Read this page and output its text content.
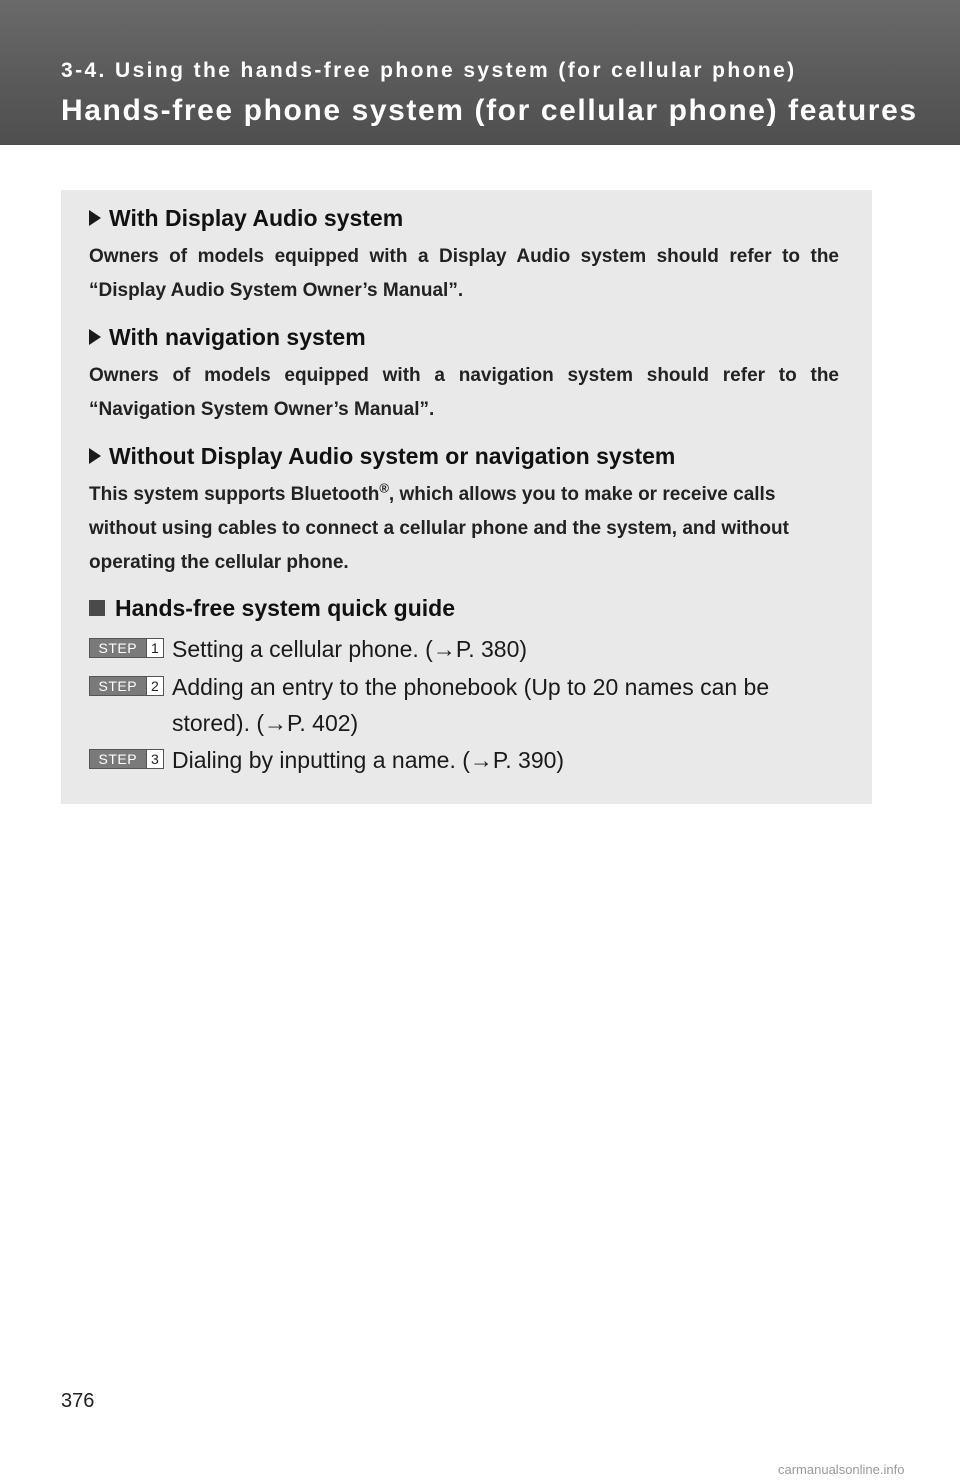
3-4. Using the hands-free phone system (for cellular phone)
Hands-free phone system (for cellular phone) features
With Display Audio system
Owners of models equipped with a Display Audio system should refer to the “Display Audio System Owner’s Manual”.
With navigation system
Owners of models equipped with a navigation system should refer to the “Navigation System Owner’s Manual”.
Without Display Audio system or navigation system
This system supports Bluetooth®, which allows you to make or receive calls without using cables to connect a cellular phone and the system, and without operating the cellular phone.
Hands-free system quick guide
STEP 1 Setting a cellular phone. (→P. 380)
STEP 2 Adding an entry to the phonebook (Up to 20 names can be stored). (→P. 402)
STEP 3 Dialing by inputting a name. (→P. 390)
376
carmanualsonline.info
